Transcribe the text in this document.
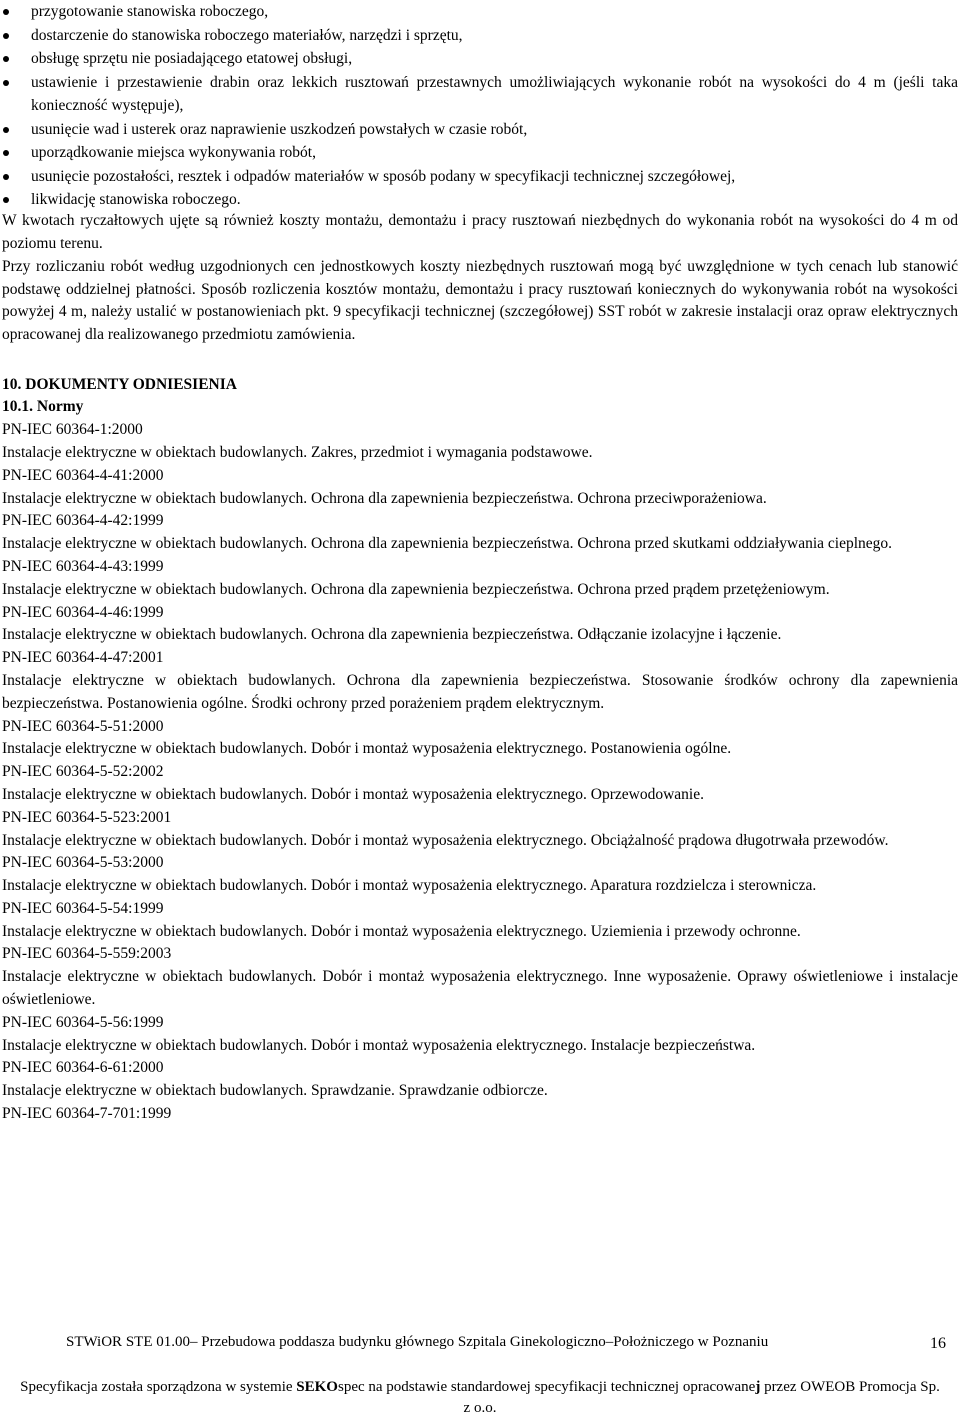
przygotowanie stanowiska roboczego,
dostarczenie do stanowiska roboczego materiałów, narzędzi i sprzętu,
obsługę sprzętu nie posiadającego etatowej obsługi,
ustawienie i przestawienie drabin oraz lekkich rusztowań przestawnych umożliwiających wykonanie robót na wysokości do 4 m (jeśli taka konieczność występuje),
usunięcie wad i usterek oraz naprawienie uszkodzeń powstałych w czasie robót,
uporządkowanie miejsca wykonywania robót,
usunięcie pozostałości, resztek i odpadów materiałów w sposób podany w specyfikacji technicznej szczegółowej,
likwidację stanowiska roboczego.

W kwotach ryczałtowych ujęte są również koszty montażu, demontażu i pracy rusztowań niezbędnych do wykonania robót na wysokości do 4 m od poziomu terenu.

Przy rozliczaniu robót według uzgodnionych cen jednostkowych koszty niezbędnych rusztowań mogą być uwzględnione w tych cenach lub stanowić podstawę oddzielnej płatności. Sposób rozliczenia kosztów montażu, demontażu i pracy rusztowań koniecznych do wykonywania robót na wysokości powyżej 4 m, należy ustalić w postanowieniach pkt. 9 specyfikacji technicznej (szczegółowej) SST robót w zakresie instalacji oraz opraw elektrycznych opracowanej dla realizowanego przedmiotu zamówienia.

10. DOKUMENTY ODNIESIENIA

10.1. Normy

PN-IEC 60364-1:2000

Instalacje elektryczne w obiektach budowlanych. Zakres, przedmiot i wymagania podstawowe.

PN-IEC 60364-4-41:2000

Instalacje elektryczne w obiektach budowlanych. Ochrona dla zapewnienia bezpieczeństwa. Ochrona przeciwporażeniowa.

PN-IEC 60364-4-42:1999

Instalacje elektryczne w obiektach budowlanych. Ochrona dla zapewnienia bezpieczeństwa. Ochrona przed skutkami oddziaływania cieplnego.

PN-IEC 60364-4-43:1999

Instalacje elektryczne w obiektach budowlanych. Ochrona dla zapewnienia bezpieczeństwa. Ochrona przed prądem przetężeniowym.

PN-IEC 60364-4-46:1999

Instalacje elektryczne w obiektach budowlanych. Ochrona dla zapewnienia bezpieczeństwa. Odłączanie izolacyjne i łączenie.

PN-IEC 60364-4-47:2001

Instalacje elektryczne w obiektach budowlanych. Ochrona dla zapewnienia bezpieczeństwa. Stosowanie środków ochrony dla zapewnienia bezpieczeństwa. Postanowienia ogólne. Środki ochrony przed porażeniem prądem elektrycznym.

PN-IEC 60364-5-51:2000

Instalacje elektryczne w obiektach budowlanych. Dobór i montaż wyposażenia elektrycznego. Postanowienia ogólne.

PN-IEC 60364-5-52:2002

Instalacje elektryczne w obiektach budowlanych. Dobór i montaż wyposażenia elektrycznego. Oprzewodowanie.

PN-IEC 60364-5-523:2001

Instalacje elektryczne w obiektach budowlanych. Dobór i montaż wyposażenia elektrycznego. Obciążalność prądowa długotrwała przewodów.

PN-IEC 60364-5-53:2000

Instalacje elektryczne w obiektach budowlanych. Dobór i montaż wyposażenia elektrycznego. Aparatura rozdzielcza i sterownicza.

PN-IEC 60364-5-54:1999

Instalacje elektryczne w obiektach budowlanych. Dobór i montaż wyposażenia elektrycznego. Uziemienia i przewody ochronne.

PN-IEC 60364-5-559:2003

Instalacje elektryczne w obiektach budowlanych. Dobór i montaż wyposażenia elektrycznego. Inne wyposażenie. Oprawy oświetleniowe i instalacje oświetleniowe.

PN-IEC 60364-5-56:1999

Instalacje elektryczne w obiektach budowlanych. Dobór i montaż wyposażenia elektrycznego. Instalacje bezpieczeństwa.

PN-IEC 60364-6-61:2000

Instalacje elektryczne w obiektach budowlanych. Sprawdzanie. Sprawdzanie odbiorcze.

PN-IEC 60364-7-701:1999

STWiOR STE 01.00– Przebudowa poddasza budynku głównego Szpitala Ginekologiczno–Położniczego w Poznaniu	16
Specyfikacja została sporządzona w systemie SEKOspec na podstawie standardowej specyfikacji technicznej opracowanej przez OWEOB Promocja Sp. z o.o.
